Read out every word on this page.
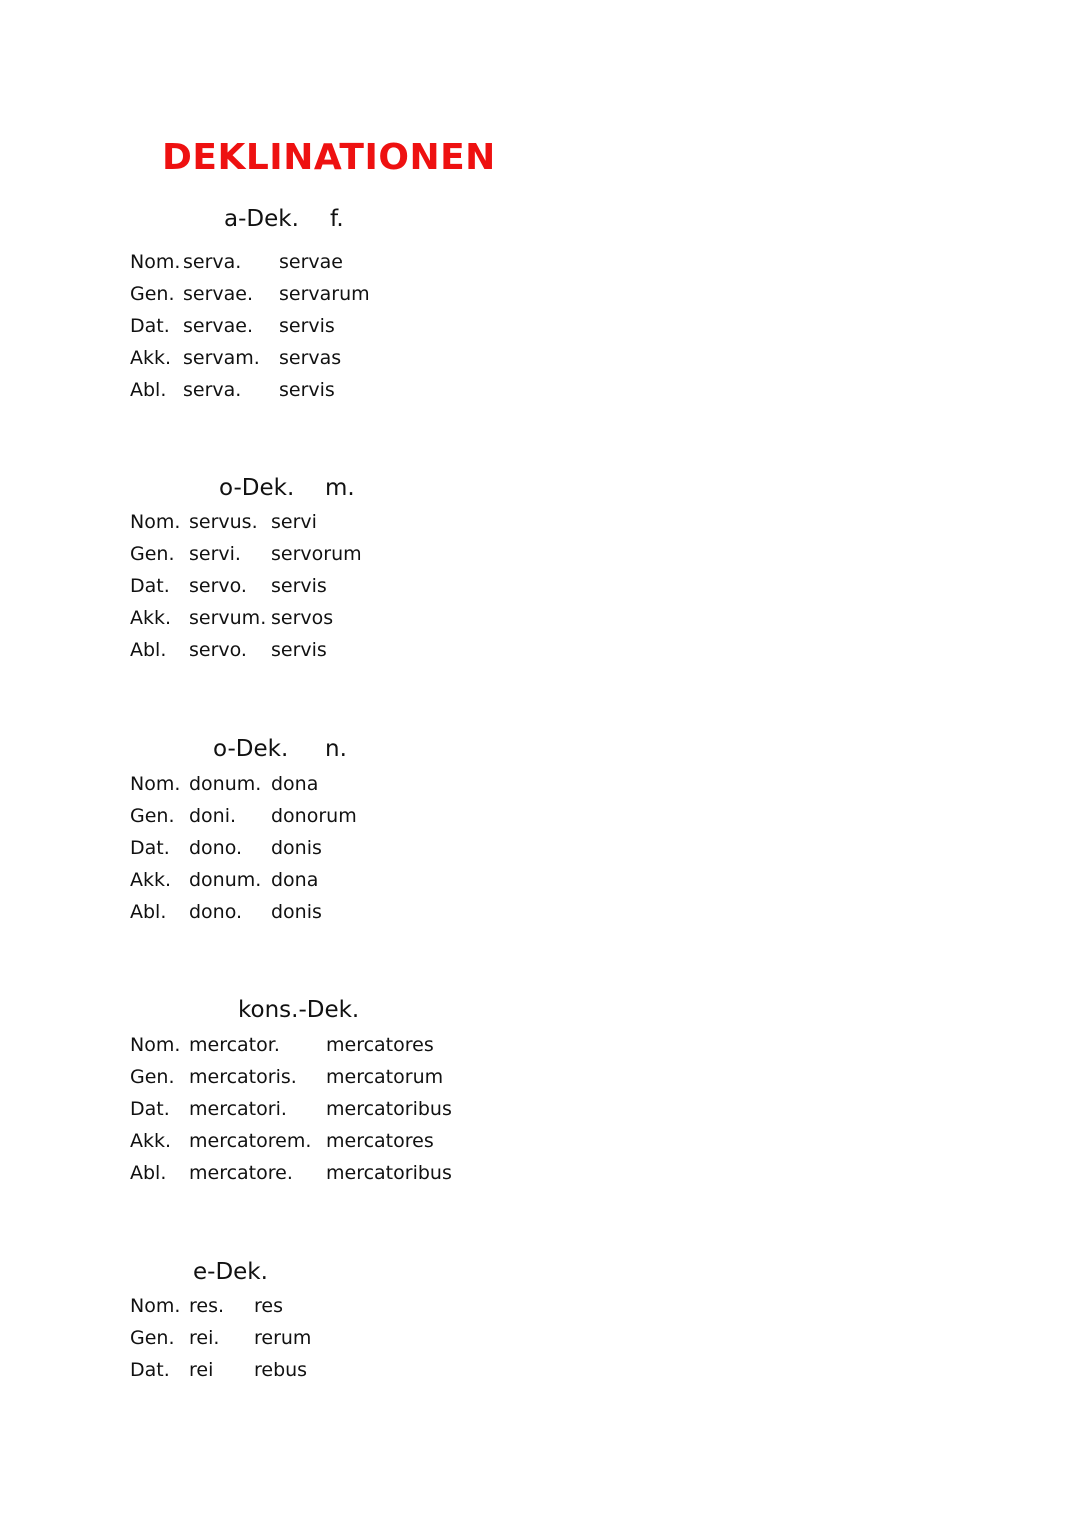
DEKLINATIONEN
a-Dek. f.
Nom. serva. servae
Gen. servae. servarum
Dat. servae. servis
Akk. servam. servas
Abl. serva. servis
o-Dek. m.
Nom. servus. servi
Gen. servi. servorum
Dat. servo. servis
Akk. servum. servos
Abl. servo. servis
o-Dek. n.
Nom. donum. dona
Gen. doni. donorum
Dat. dono. donis
Akk. donum. dona
Abl. dono. donis
kons.-Dek.
Nom. mercator. mercatores
Gen. mercatoris. mercatorum
Dat. mercatori. mercatoribus
Akk. mercatorem. mercatores
Abl. mercatore. mercatoribus
e-Dek.
Nom. res. res
Gen. rei. rerum
Dat. rei rebus
